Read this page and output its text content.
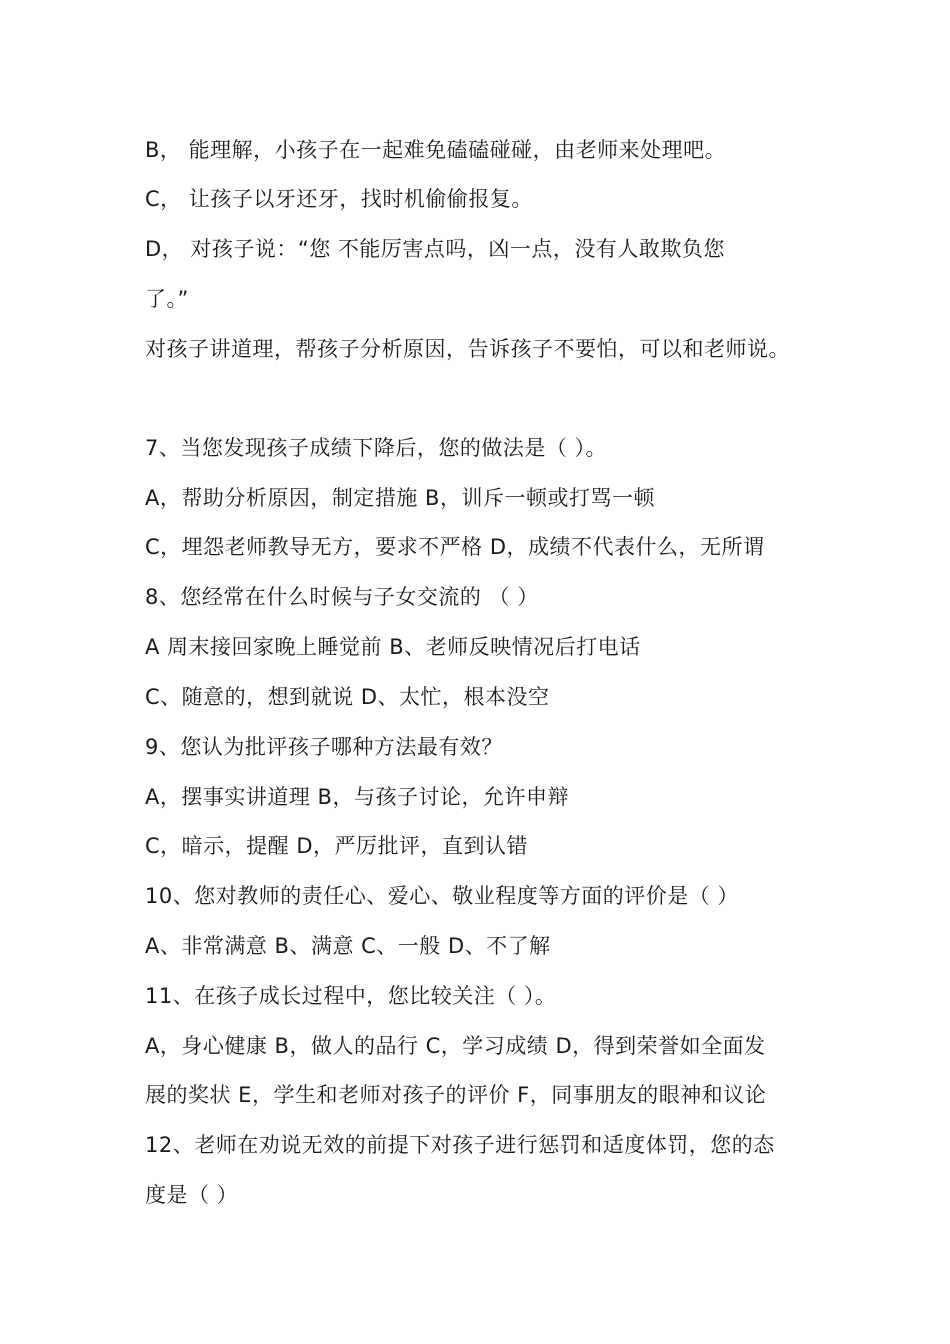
B， 能理解，小孩子在一起难免磕磕碰碰，由老师来处理吧。
C， 让孩子以牙还牙，找时机偷偷报复。
D， 对孩子说：“您 不能厉害点吗，凶一点，没有人敢欺负您
了。”
对孩子讲道理，帮孩子分析原因，告诉孩子不要怕，可以和老师说。
7、当您发现孩子成绩下降后，您的做法是（ ）。
A，帮助分析原因，制定措施 B，训斥一顿或打骂一顿
C，埋怨老师教导无方，要求不严格 D，成绩不代表什么，无所谓
8、您经常在什么时候与子女交流的 （ ）
A 周末接回家晚上睡觉前 B、老师反映情况后打电话
C、随意的，想到就说 D、太忙，根本没空
9、您认为批评孩子哪种方法最有效？
A，摆事实讲道理 B，与孩子讨论，允许申辩
C，暗示，提醒 D，严厉批评，直到认错
10、您对教师的责任心、爱心、敬业程度等方面的评价是（ ）
A、非常满意 B、满意 C、一般 D、不了解
11、在孩子成长过程中，您比较关注（ ）。
A，身心健康 B，做人的品行 C，学习成绩 D，得到荣誉如全面发
展的奖状 E，学生和老师对孩子的评价 F，同事朋友的眼神和议论
12、老师在劝说无效的前提下对孩子进行惩罚和适度体罚，您的态
度是（ ）
